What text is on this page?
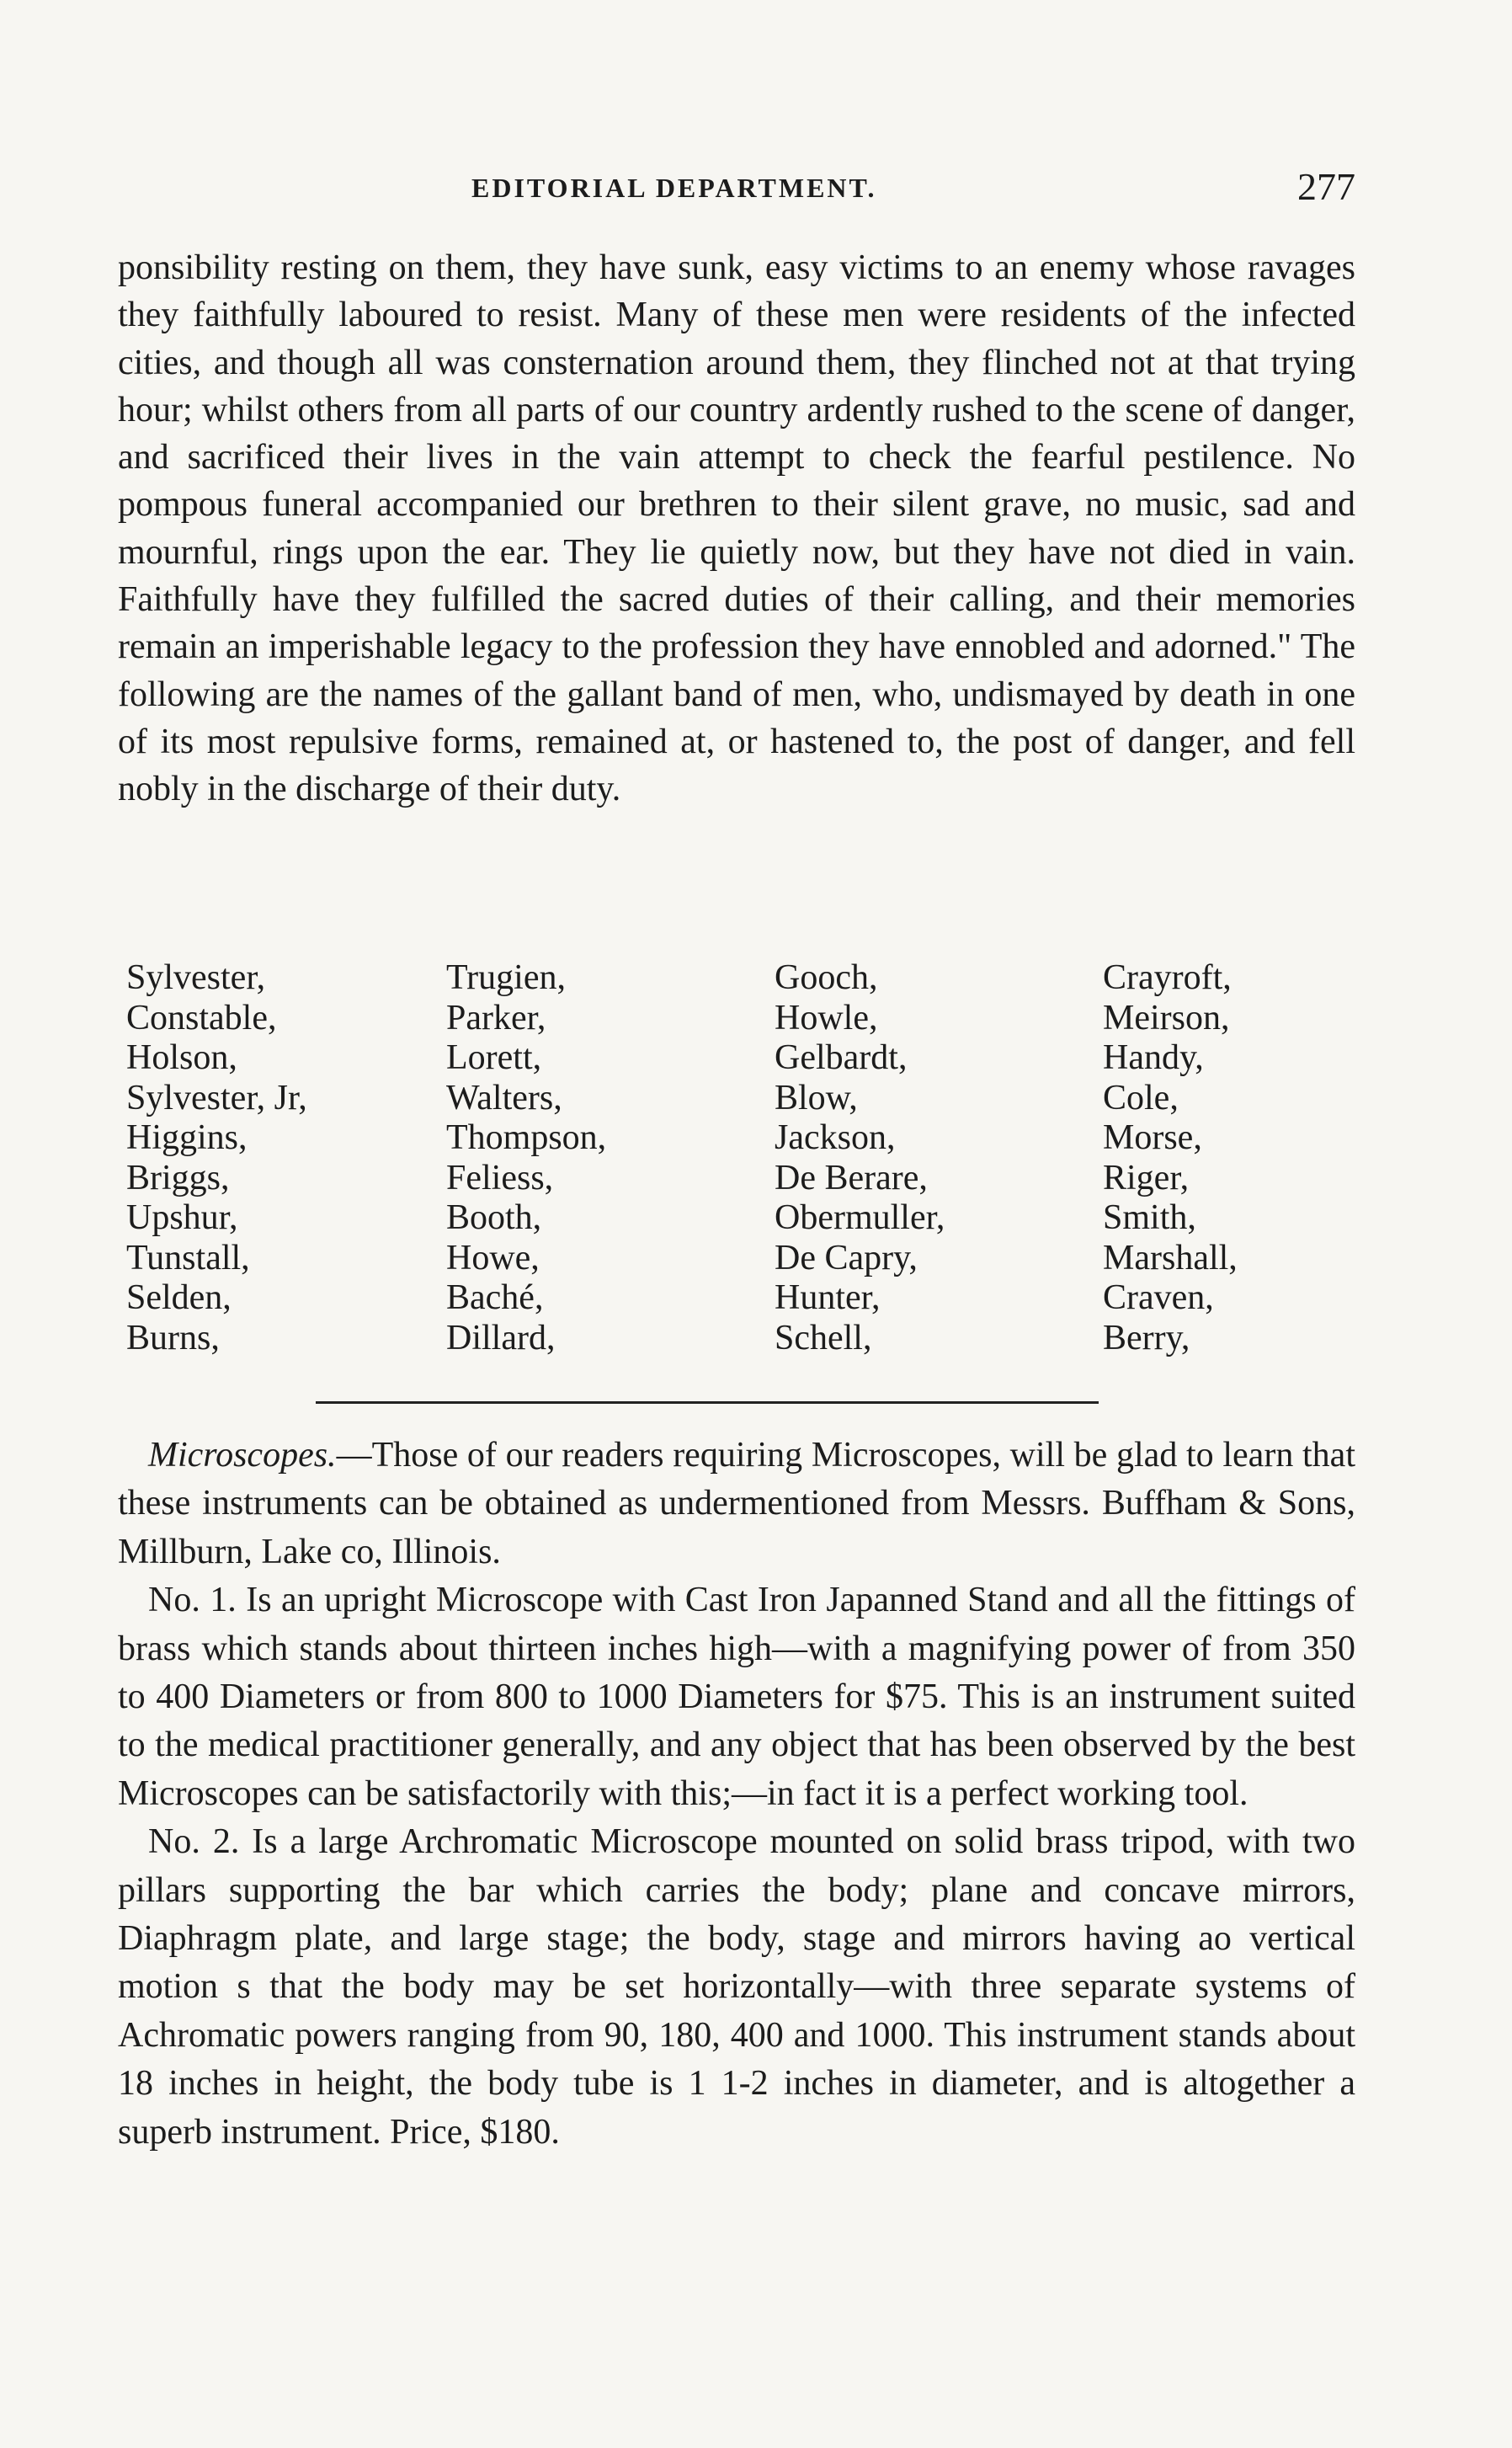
EDITORIAL DEPARTMENT.	277

ponsibility resting on them, they have sunk, easy victims to an enemy whose ravages they faithfully laboured to resist. Many of these men were residents of the infected cities, and though all was consternation around them, they flinched not at that trying hour; whilst others from all parts of our country ardently rushed to the scene of danger, and sacrificed their lives in the vain attempt to check the fearful pestilence. No pompous funeral accompanied our brethren to their silent grave, no music, sad and mournful, rings upon the ear. They lie quietly now, but they have not died in vain. Faithfully have they fulfilled the sacred duties of their calling, and their memories remain an imperishable legacy to the profession they have ennobled and adorned." The following are the names of the gallant band of men, who, undismayed by death in one of its most repulsive forms, remained at, or hastened to, the post of danger, and fell nobly in the discharge of their duty.

Sylvester,
Constable,
Holson,
Sylvester, Jr,
Higgins,
Briggs,
Upshur,
Tunstall,
Selden,
Burns,
Trugien,
Parker,
Lorett,
Walters,
Thompson,
Feliess,
Booth,
Howe,
Baché,
Dillard,
Gooch,
Howle,
Gelbardt,
Blow,
Jackson,
De Berare,
Obermuller,
De Capry,
Hunter,
Schell,
Crayroft,
Meirson,
Handy,
Cole,
Morse,
Riger,
Smith,
Marshall,
Craven,
Berry,

Microscopes.—Those of our readers requiring Microscopes, will be glad to learn that these instruments can be obtained as undermentioned from Messrs. Buffham & Sons, Millburn, Lake co, Illinois.

No. 1. Is an upright Microscope with Cast Iron Japanned Stand and all the fittings of brass which stands about thirteen inches high—with a magnifying power of from 350 to 400 Diameters or from 800 to 1000 Diameters for $75. This is an instrument suited to the medical practitioner generally, and any object that has been observed by the best Microscopes can be satisfactorily with this;—in fact it is a perfect working tool.

No. 2. Is a large Archromatic Microscope mounted on solid brass tripod, with two pillars supporting the bar which carries the body; plane and concave mirrors, Diaphragm plate, and large stage; the body, stage and mirrors having ao vertical motion s that the body may be set horizontally—with three separate systems of Achromatic powers ranging from 90, 180, 400 and 1000. This instrument stands about 18 inches in height, the body tube is 1 1-2 inches in diameter, and is altogether a superb instrument. Price, $180.
